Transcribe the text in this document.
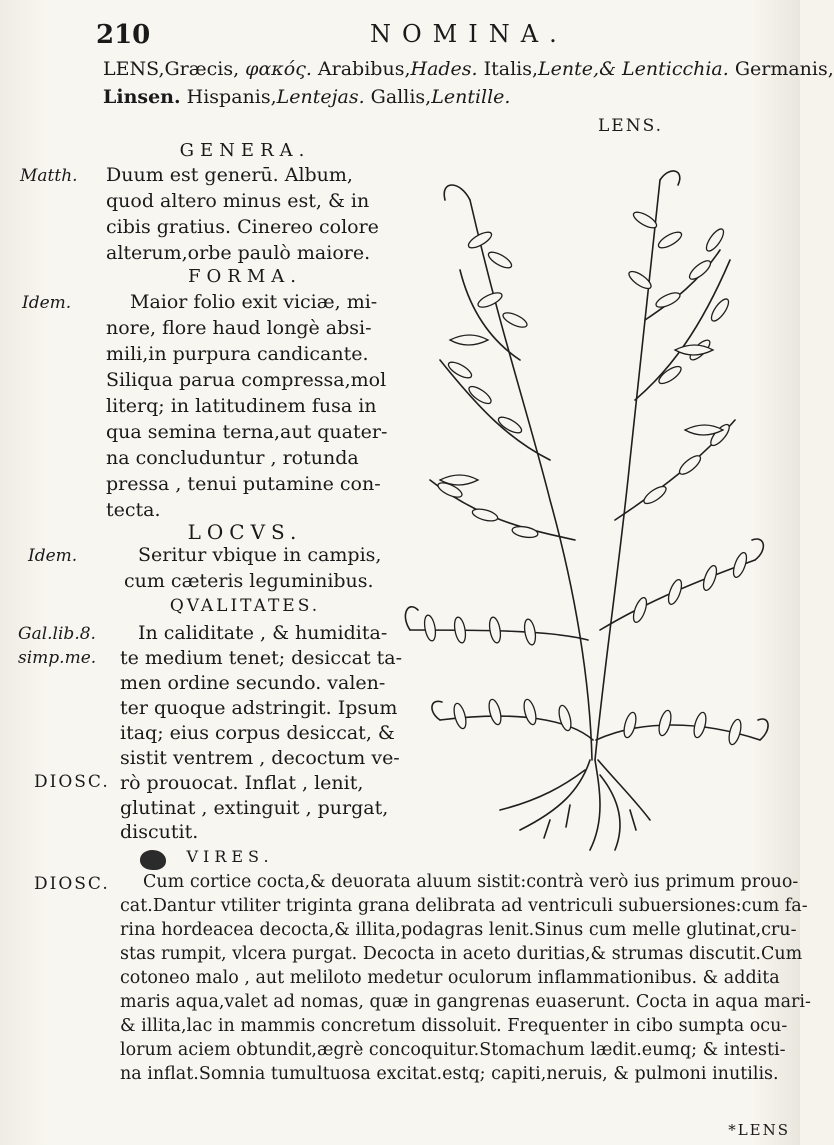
210	NOMINA.
LENS,Græcis, φακός. Arabibus,Hades. Italis,Lente,& Lenticchia. Germanis,
Linsen. Hispanis,Lentejas. Gallis,Lentille.
LENS.
GENERA.
Matth. Duum est generū. Album,
quod altero minus est, & in
cibis gratius. Cinereo colore
alterum,orbe paulò maiore.
FORMA.
Idem.	Maior folio exit viciæ, mi-
nore, flore haud longè absi-
mili,in purpura candicante.
Siliqua parua compressa,mol
literq; in latitudinem fusa in
qua semina terna,aut quater-
na concluduntur , rotunda
pressa , tenui putamine con-
tecta.
LOCVS.
Idem.	Seritur vbique in campis,
cum cæteris leguminibus.
QVALITATES.
Gal.lib.8.
simp.me.
DIOSC.
In caliditate , & humidita-
te medium tenet; desiccat ta-
men ordine secundo. valen-
ter quoque adstringit. Ipsum
itaq; eius corpus desiccat, &
sistit ventrem , decoctum ve-
rò prouocat. Inflat , lenit,
glutinat , extinguit , purgat,
discutit.
VIRES.
DIOSC. Cum cortice cocta,& deuorata aluum sistit:contrà verò ius primum prouo-
cat.Dantur vtiliter triginta grana delibrata ad ventriculi subuersiones:cum fa-
rina hordeacea decocta,& illita,podagras lenit.Sinus cum melle glutinat,cru-
stas rumpit, vlcera purgat. Decocta in aceto duritias,& strumas discutit.Cum
cotoneo malo , aut meliloto medetur oculorum inflammationibus. & addita
maris aqua,valet ad nomas, quæ in gangrenas euaserunt. Cocta in aqua mari-
& illita,lac in mammis concretum dissoluit. Frequenter in cibo sumpta ocu-
lorum aciem obtundit,ægrè concoquitur.Stomachum lædit.eumq; & intesti-
na inflat.Somnia tumultuosa excitat.estq; capiti,neruis, & pulmoni inutilis.
*LENS
